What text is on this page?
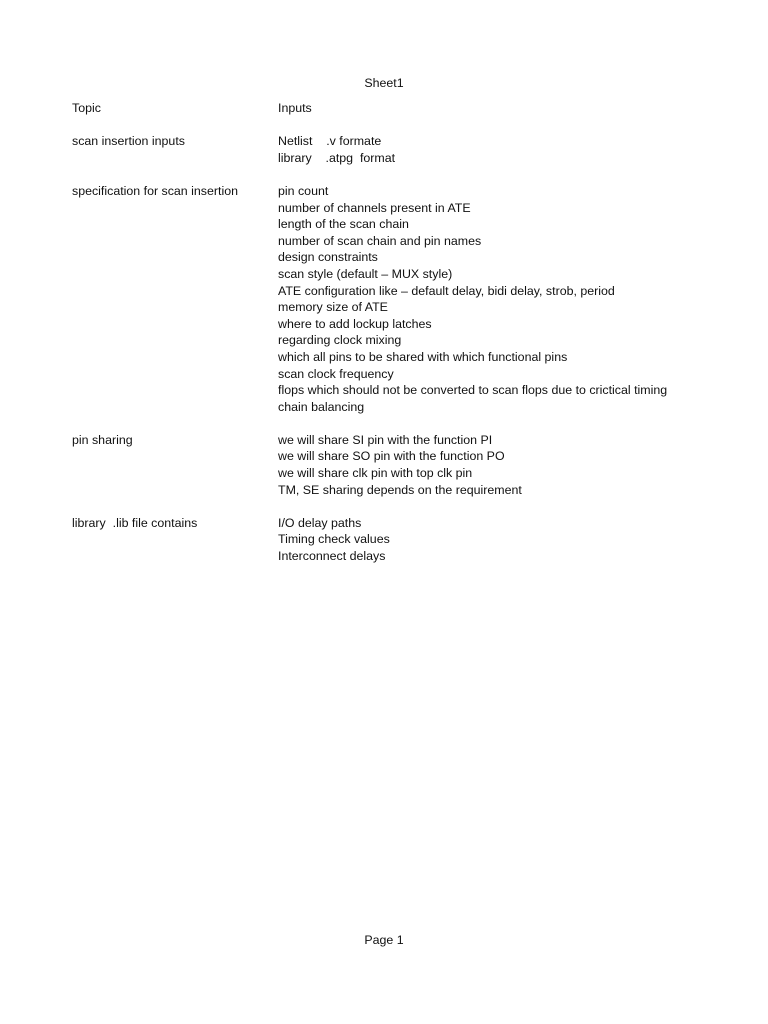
Sheet1
Topic	Inputs
scan insertion inputs	Netlist    .v formate
library    .atpg  format
specification for scan insertion	pin count
number of channels present in ATE
length of the scan chain
number of scan chain and pin names
design constraints
scan style (default – MUX style)
ATE configuration like – default delay, bidi delay, strob, period
memory size of ATE
where to add lockup latches
regarding clock mixing
which all pins to be shared with which functional pins
scan clock frequency
flops which should not be converted to scan flops due to crictical timing
chain balancing
pin sharing	we will share SI pin with the function PI
we will share SO pin with the function PO
we will share clk pin with top clk pin
TM, SE sharing depends on the requirement
library  .lib file contains	I/O delay paths
Timing check values
Interconnect delays
Page 1
